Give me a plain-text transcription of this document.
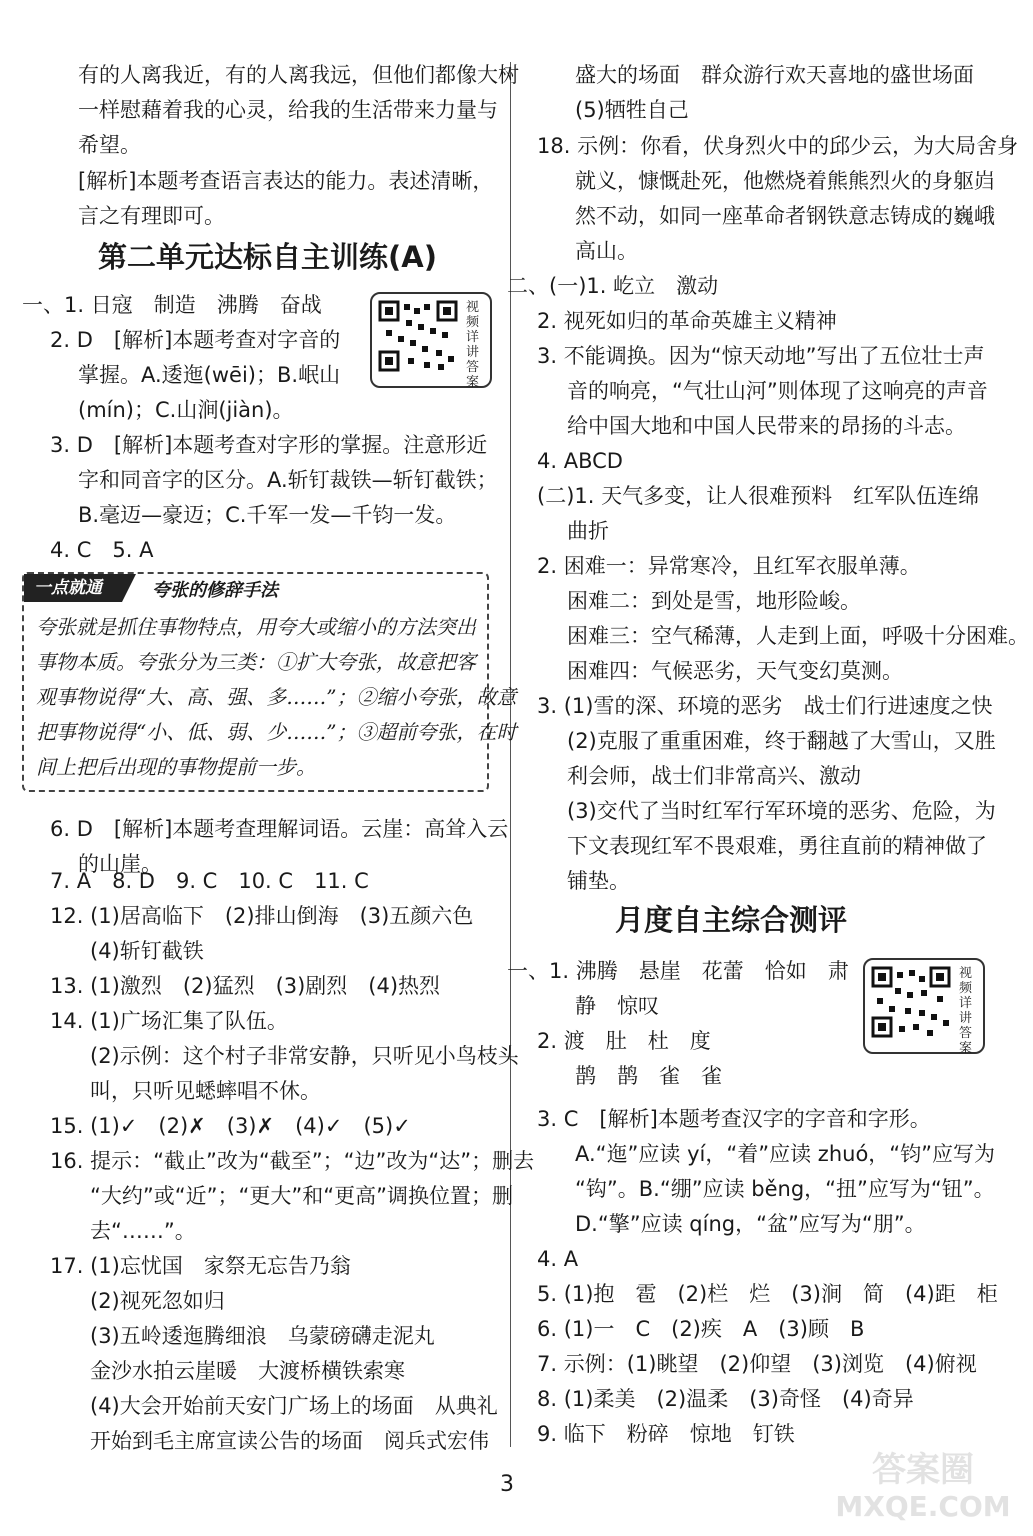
有的人离我近，有的人离我远，但他们都像大树
一样慰藉着我的心灵，给我的生活带来力量与
希望。
[解析]本题考查语言表达的能力。表述清晰，
言之有理即可。
第二单元达标自主训练(A)
一、1. 日寇　制造　沸腾　奋战	视频详讲答案
2. D　[解析]本题考查对字音的
掌握。A.逶迤(wēi)；B.岷山
(mín)；C.山涧(jiàn)。
3. D　[解析]本题考查对字形的掌握。注意形近
字和同音字的区分。A.斩钉裁铁—斩钉截铁；
B.毫迈—豪迈；C.千军一发—千钧一发。
4. C　5. A
一点就通	夸张的修辞手法
夸张就是抓住事物特点，用夸大或缩小的方法突出
事物本质。夸张分为三类：①扩大夸张，故意把客
观事物说得“大、高、强、多……”；②缩小夸张，故意
把事物说得“小、低、弱、少……”；③超前夸张，在时
间上把后出现的事物提前一步。
6. D　[解析]本题考查理解词语。云崖：高耸入云
的山崖。
7. A　8. D　9. C　10. C　11. C
12. (1)居高临下　(2)排山倒海　(3)五颜六色
(4)斩钉截铁
13. (1)激烈　(2)猛烈　(3)剧烈　(4)热烈
14. (1)广场汇集了队伍。
(2)示例：这个村子非常安静，只听见小鸟枝头
叫，只听见蟋蟀唱不休。
15. (1)✓　(2)✗　(3)✗　(4)✓　(5)✓
16. 提示：“截止”改为“截至”；“边”改为“达”；删去
“大约”或“近”；“更大”和“更高”调换位置；删
去“……”。
17. (1)忘忧国　家祭无忘告乃翁
(2)视死忽如归
(3)五岭逶迤腾细浪　乌蒙磅礴走泥丸
金沙水拍云崖暖　大渡桥横铁索寒
(4)大会开始前天安门广场上的场面　从典礼
开始到毛主席宣读公告的场面　阅兵式宏伟
盛大的场面　群众游行欢天喜地的盛世场面
(5)牺牲自己
18. 示例：你看，伏身烈火中的邱少云，为大局舍身
就义，慷慨赴死，他燃烧着熊熊烈火的身躯岿
然不动，如同一座革命者钢铁意志铸成的巍峨
高山。
二、(一)1. 屹立　激动
2. 视死如归的革命英雄主义精神
3. 不能调换。因为“惊天动地”写出了五位壮士声
音的响亮，“气壮山河”则体现了这响亮的声音
给中国大地和中国人民带来的昂扬的斗志。
4. ABCD
(二)1. 天气多变，让人很难预料　红军队伍连绵
曲折
2. 困难一：异常寒冷，且红军衣服单薄。
困难二：到处是雪，地形险峻。
困难三：空气稀薄，人走到上面，呼吸十分困难。
困难四：气候恶劣，天气变幻莫测。
3. (1)雪的深、环境的恶劣　战士们行进速度之快
(2)克服了重重困难，终于翻越了大雪山，又胜
利会师，战士们非常高兴、激动
(3)交代了当时红军行军环境的恶劣、危险，为
下文表现红军不畏艰难，勇往直前的精神做了
铺垫。
月度自主综合测评
视频详讲答案
一、1. 沸腾　悬崖　花蕾　恰如　肃
静　惊叹
2. 渡　肚　杜　度
鹊　鹊　雀　雀
3. C　[解析]本题考查汉字的字音和字形。
A.“迤”应读 yí，“着”应读 zhuó，“钧”应写为
“钩”。B.“绷”应读 běng，“扭”应写为“钮”。
D.“擎”应读 qíng，“盆”应写为“朋”。
4. A
5. (1)抱　雹　(2)栏　烂　(3)涧　简　(4)距　柜
6. (1)一　C　(2)疾　A　(3)顾　B
7. 示例：(1)眺望　(2)仰望　(3)浏览　(4)俯视
8. (1)柔美　(2)温柔　(3)奇怪　(4)奇异
9. 临下　粉碎　惊地　钉铁
3	答案圈
MXQE.COM
